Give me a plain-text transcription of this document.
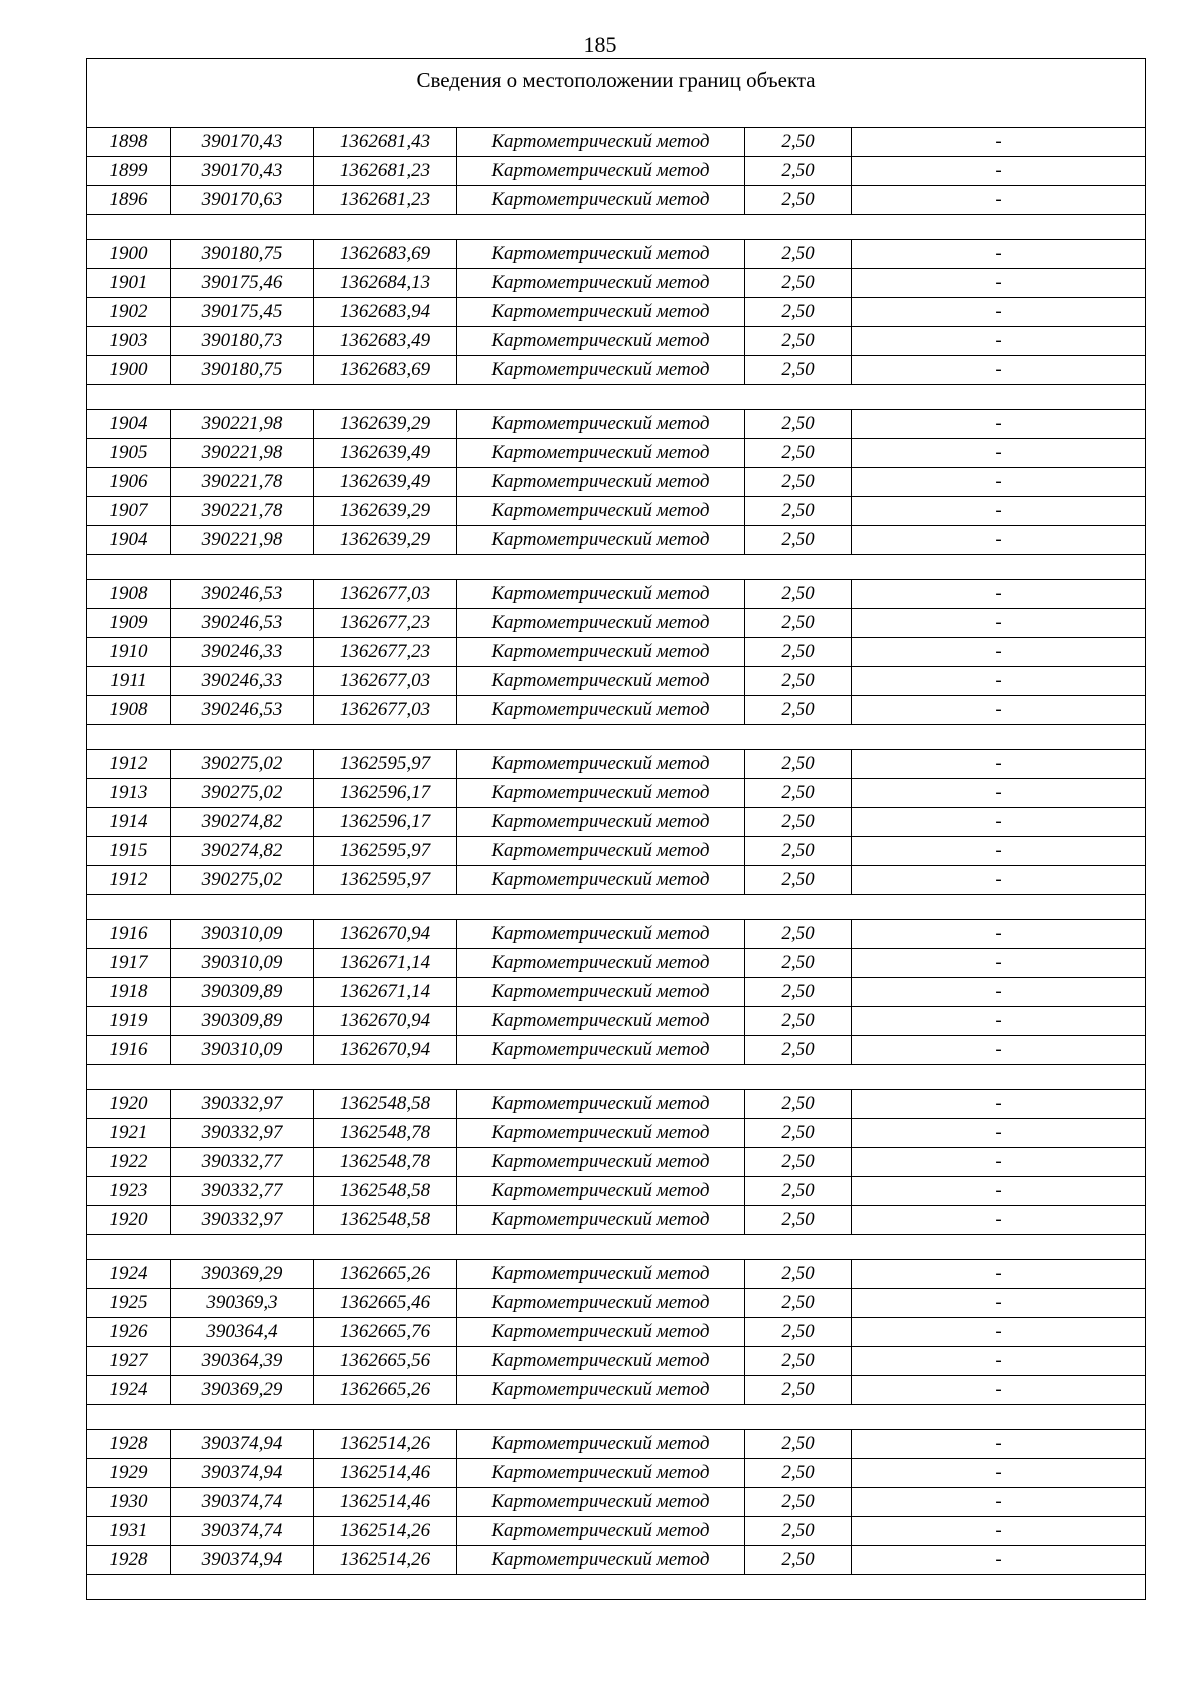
185
Сведения о местоположении границ объекта					
1898	390170,43	1362681,43	Картометрический метод	2,50	-
1899	390170,43	1362681,23	Картометрический метод	2,50	-
1896	390170,63	1362681,23	Картометрический метод	2,50	-

1900	390180,75	1362683,69	Картометрический метод	2,50	-
1901	390175,46	1362684,13	Картометрический метод	2,50	-
1902	390175,45	1362683,94	Картометрический метод	2,50	-
1903	390180,73	1362683,49	Картометрический метод	2,50	-
1900	390180,75	1362683,69	Картометрический метод	2,50	-

1904	390221,98	1362639,29	Картометрический метод	2,50	-
1905	390221,98	1362639,49	Картометрический метод	2,50	-
1906	390221,78	1362639,49	Картометрический метод	2,50	-
1907	390221,78	1362639,29	Картометрический метод	2,50	-
1904	390221,98	1362639,29	Картометрический метод	2,50	-

1908	390246,53	1362677,03	Картометрический метод	2,50	-
1909	390246,53	1362677,23	Картометрический метод	2,50	-
1910	390246,33	1362677,23	Картометрический метод	2,50	-
1911	390246,33	1362677,03	Картометрический метод	2,50	-
1908	390246,53	1362677,03	Картометрический метод	2,50	-

1912	390275,02	1362595,97	Картометрический метод	2,50	-
1913	390275,02	1362596,17	Картометрический метод	2,50	-
1914	390274,82	1362596,17	Картометрический метод	2,50	-
1915	390274,82	1362595,97	Картометрический метод	2,50	-
1912	390275,02	1362595,97	Картометрический метод	2,50	-

1916	390310,09	1362670,94	Картометрический метод	2,50	-
1917	390310,09	1362671,14	Картометрический метод	2,50	-
1918	390309,89	1362671,14	Картометрический метод	2,50	-
1919	390309,89	1362670,94	Картометрический метод	2,50	-
1916	390310,09	1362670,94	Картометрический метод	2,50	-

1920	390332,97	1362548,58	Картометрический метод	2,50	-
1921	390332,97	1362548,78	Картометрический метод	2,50	-
1922	390332,77	1362548,78	Картометрический метод	2,50	-
1923	390332,77	1362548,58	Картометрический метод	2,50	-
1920	390332,97	1362548,58	Картометрический метод	2,50	-

1924	390369,29	1362665,26	Картометрический метод	2,50	-
1925	390369,3	1362665,46	Картометрический метод	2,50	-
1926	390364,4	1362665,76	Картометрический метод	2,50	-
1927	390364,39	1362665,56	Картометрический метод	2,50	-
1924	390369,29	1362665,26	Картометрический метод	2,50	-

1928	390374,94	1362514,26	Картометрический метод	2,50	-
1929	390374,94	1362514,46	Картометрический метод	2,50	-
1930	390374,74	1362514,46	Картометрический метод	2,50	-
1931	390374,74	1362514,26	Картометрический метод	2,50	-
1928	390374,94	1362514,26	Картометрический метод	2,50	-
